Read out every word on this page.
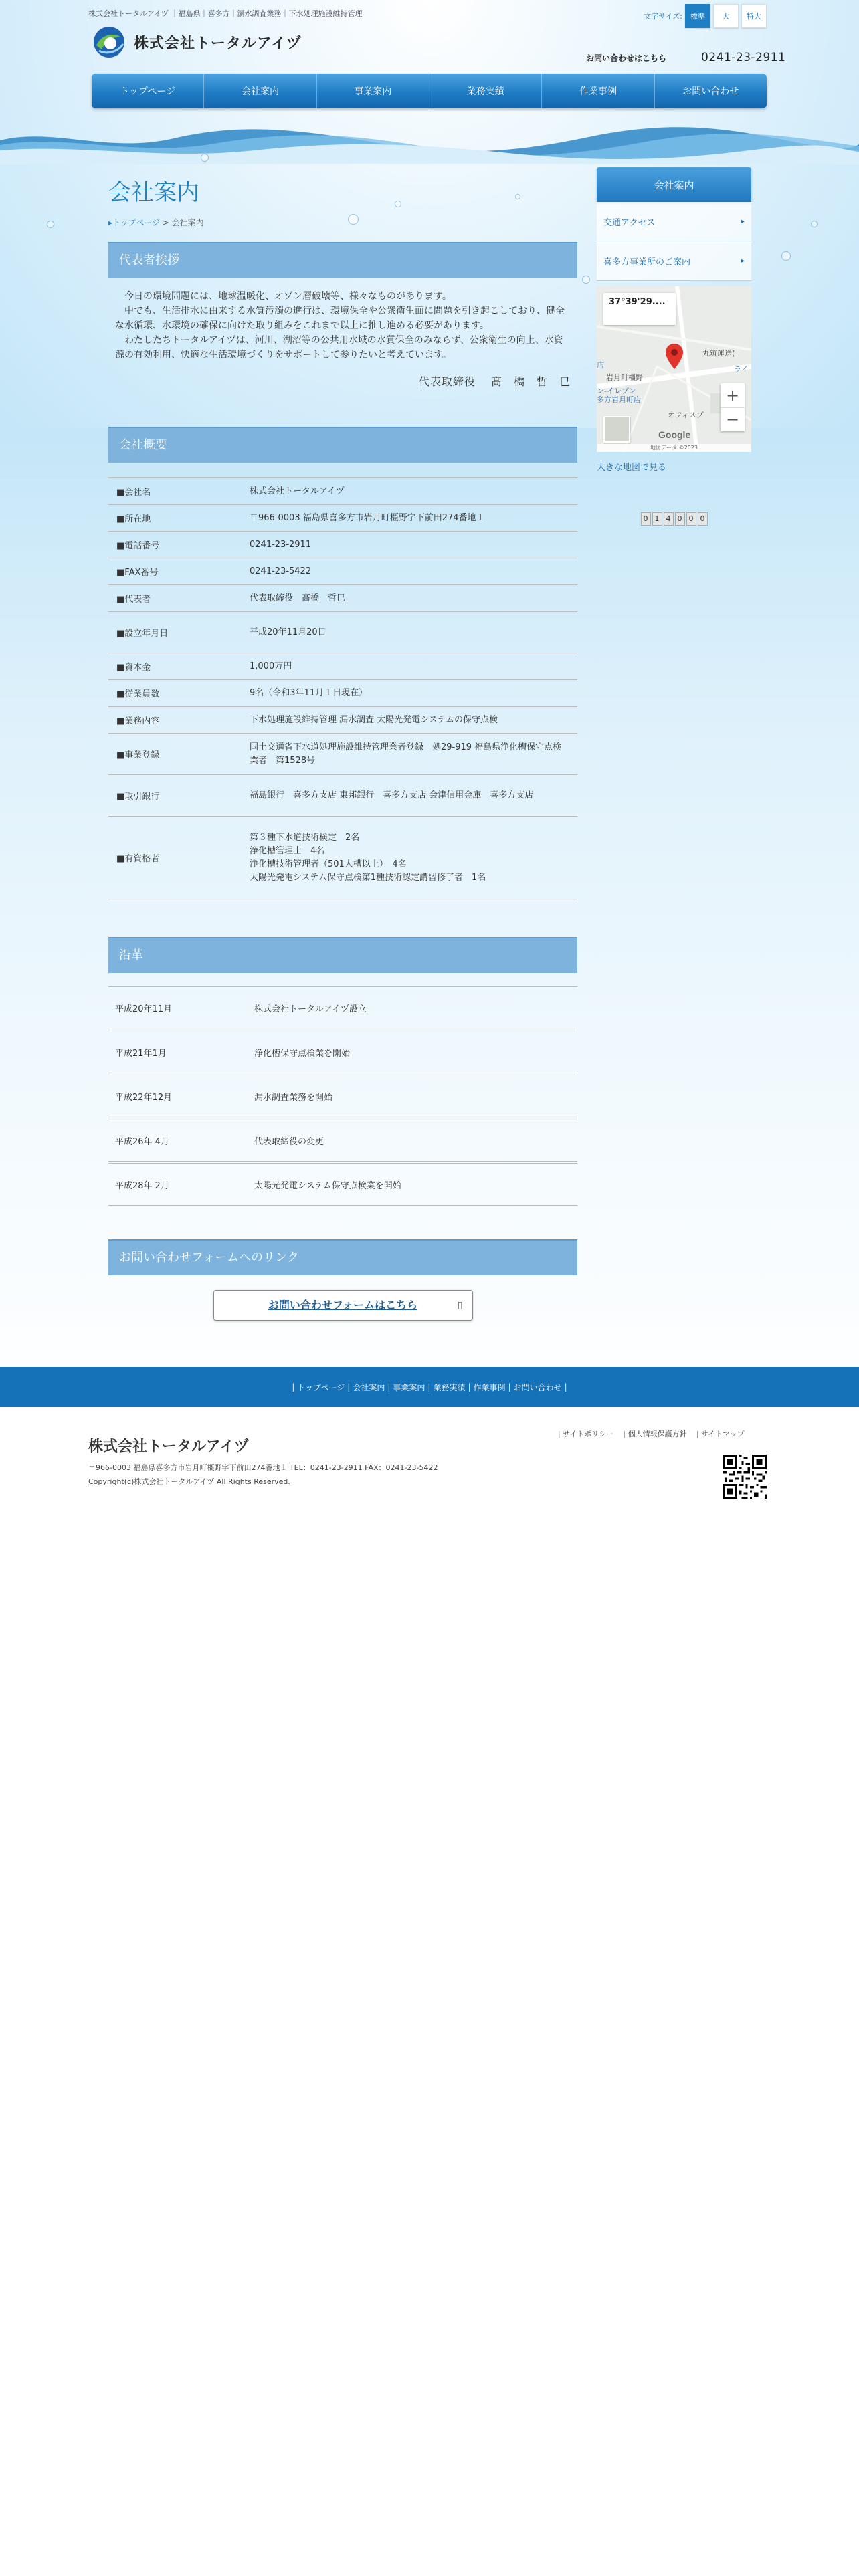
株式会社トータルアイヅ ｜福島県｜喜多方｜漏水調査業務｜下水処理施設維持管理	文字サイズ:	標準	大	特大
株式会社トータルアイヅ
お問い合わせはこちら	0241-23-2911
トップページ	会社案内	事業案内	業務実績	作業事例	お問い合わせ
会社案内
▸トップページ > 会社案内
代表者挨拶

今日の環境問題には、地球温暖化、オゾン層破壊等、様々なものがあります。

中でも、生活排水に由来する水質汚濁の進行は、環境保全や公衆衛生面に問題を引き起こしており、健全な水循環、水環境の確保に向けた取り組みをこれまで以上に推し進める必要があります。

わたしたちトータルアイヅは、河川、湖沼等の公共用水域の水質保全のみならず、公衆衛生の向上、水資源の有効利用、快適な生活環境づくりをサポートして参りたいと考えています。

代表取締役　 髙　橋　哲　巳
会社概要
■会社名	株式会社トータルアイヅ
■所在地	〒966-0003 福島県喜多方市岩月町橿野字下前田274番地１
■電話番号	0241-23-2911
■FAX番号	0241-23-5422
■代表者	代表取締役　髙橋　哲巳
■設立年月日	平成20年11月20日
■資本金	1,000万円
■従業員数	9名（令和3年11月１日現在）
■業務内容	下水処理施設維持管理 漏水調査 太陽光発電システムの保守点検
■事業登録	国土交通省下水道処理施設維持管理業者登録　処29-919 福島県浄化槽保守点検業者　第1528号
■取引銀行	福島銀行　喜多方支店 東邦銀行　喜多方支店 会津信用金庫　喜多方支店
■有資格者	第３種下水道技術検定　2名
浄化槽管理士　4名
浄化槽技術管理者（501人槽以上）　4名
太陽光発電システム保守点検第1種技術認定講習修了者　1名
沿革
平成20年11月	株式会社トータルアイヅ設立
平成21年1月	浄化槽保守点検業を開始
平成22年12月	漏水調査業務を開始
平成26年 4月	代表取締役の変更
平成28年 2月	太陽光発電システム保守点検業を開始
お問い合わせフォームへのリンク
お問い合わせフォームはこちら	▯
会社案内
交通アクセス	▸
喜多方事業所のご案内	▸
37°39'29....
丸筑運送(
ライ
店
岩月町橿野
ン-イレブン
多方岩月町店
オフィスブ
+
−
Google
地図データ ©2023
大きな地図で見る
0 1 4 0 0 0
| トップページ | 会社案内 | 事業案内 | 業務実績 | 作業事例 | お問い合わせ |
株式会社トータルアイヅ
〒966-0003 福島県喜多方市岩月町橿野字下前田274番地１ TEL：0241-23-2911 FAX：0241-23-5422
Copyright(c)株式会社トータルアイヅ All Rights Reserved.
| サイトポリシー	| 個人情報保護方針	| サイトマップ
